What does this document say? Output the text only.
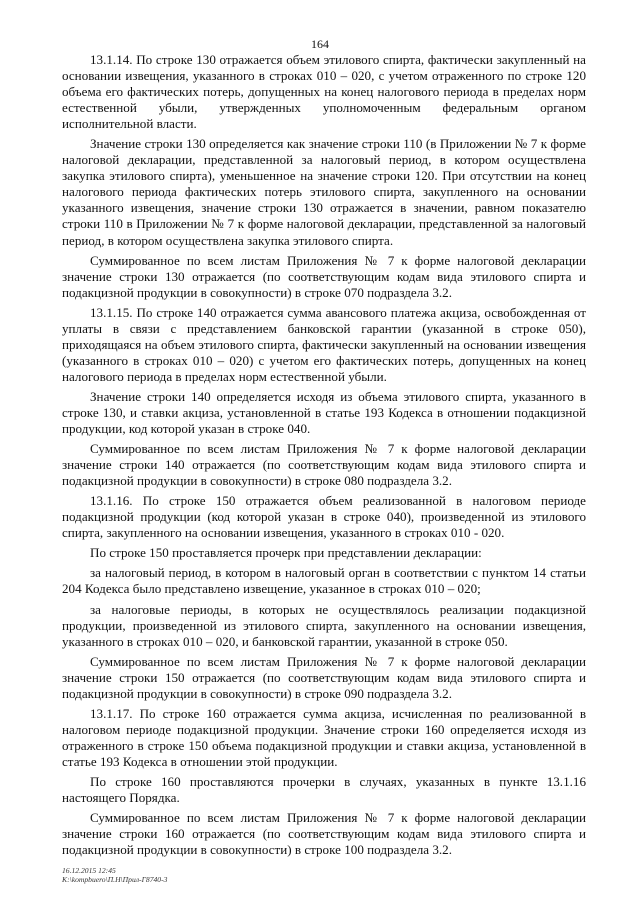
164

13.1.14. По строке 130 отражается объем этилового спирта, фактически закупленный на основании извещения, указанного в строках 010 – 020, с учетом отраженного по строке 120 объема его фактических потерь, допущенных на конец налогового периода в пределах норм естественной убыли, утвержденных уполномоченным федеральным органом исполнительной власти.

Значение строки 130 определяется как значение строки 110 (в Приложении № 7 к форме налоговой декларации, представленной за налоговый период, в котором осуществлена закупка этилового спирта), уменьшенное на значение строки 120. При отсутствии на конец налогового периода фактических потерь этилового спирта, закупленного на основании указанного извещения, значение строки 130 отражается в значении, равном показателю строки 110 в Приложении № 7 к форме налоговой декларации, представленной за налоговый период, в котором осуществлена закупка этилового спирта.

Суммированное по всем листам Приложения № 7 к форме налоговой декларации значение строки 130 отражается (по соответствующим кодам вида этилового спирта и подакцизной продукции в совокупности) в строке 070 подраздела 3.2.

13.1.15. По строке 140 отражается сумма авансового платежа акциза, освобожденная от уплаты в связи с представлением банковской гарантии (указанной в строке 050), приходящаяся на объем этилового спирта, фактически закупленный на основании извещения (указанного в строках 010 – 020) с учетом его фактических потерь, допущенных на конец налогового периода в пределах норм естественной убыли.

Значение строки 140 определяется исходя из объема этилового спирта, указанного в строке 130, и ставки акциза, установленной в статье 193 Кодекса в отношении подакцизной продукции, код которой указан в строке 040.

Суммированное по всем листам Приложения № 7 к форме налоговой декларации значение строки 140 отражается (по соответствующим кодам вида этилового спирта и подакцизной продукции в совокупности) в строке 080 подраздела 3.2.

13.1.16. По строке 150 отражается объем реализованной в налоговом периоде подакцизной продукции (код которой указан в строке 040), произведенной из этилового спирта, закупленного на основании извещения, указанного в строках 010 - 020.

По строке 150 проставляется прочерк при представлении декларации:

за налоговый период, в котором в налоговый орган в соответствии с пунктом 14 статьи 204 Кодекса было представлено извещение, указанное в строках 010 – 020;

за налоговые периоды, в которых не осуществлялось реализации подакцизной продукции, произведенной из этилового спирта, закупленного на основании извещения, указанного в строках 010 – 020, и банковской гарантии, указанной в строке 050.

Суммированное по всем листам Приложения № 7 к форме налоговой декларации значение строки 150 отражается (по соответствующим кодам вида этилового спирта и подакцизной продукции в совокупности) в строке 090 подраздела 3.2.

13.1.17. По строке 160 отражается сумма акциза, исчисленная по реализованной в налоговом периоде подакцизной продукции. Значение строки 160 определяется исходя из отраженного в строке 150 объема подакцизной продукции и ставки акциза, установленной в статье 193 Кодекса в отношении этой продукции.

По строке 160 проставляются прочерки в случаях, указанных в пункте 13.1.16 настоящего Порядка.

Суммированное по всем листам Приложения № 7 к форме налоговой декларации значение строки 160 отражается (по соответствующим кодам вида этилового спирта и подакцизной продукции в совокупности) в строке 100 подраздела 3.2.

16.12.2015 12:45
K:\kompbuero\П.Н\Прил-Г8740-3
